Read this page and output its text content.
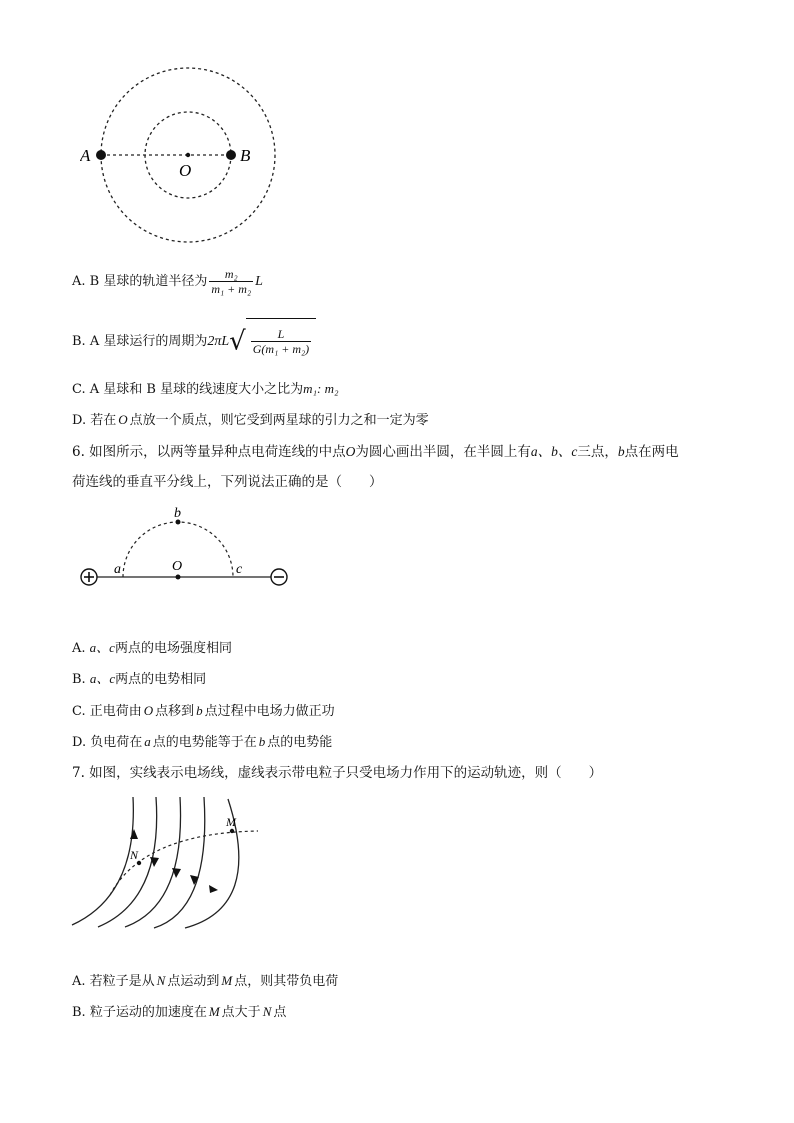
A	B
O
A. B 星球的轨道半径为 $\frac{\text{m₂}}{\text{m₁ + m₂}}$ L
B. A 星球运行的周期为$2\pi L√ \frac{L}{\text{G(m₁ + m₂)}}$
C. A 星球和 B 星球的线速度大小之比为m₁: m₂
D. 若在 O 点放一个质点，则它受到两星球的引力之和一定为零
6. 如图所示，以两等量异种点电荷连线的中点O为圆心画出半圆，在半圆上有a、b、c三点，b点在两电
荷连线的垂直平分线上，下列说法正确的是（　　）
a
b
c
O
A. a、c两点的电场强度相同
B. a、c两点的电势相同
C. 正电荷由 O 点移到 b 点过程中电场力做正功
D. 负电荷在 a 点的电势能等于在 b 点的电势能
7. 如图，实线表示电场线，虚线表示带电粒子只受电场力作用下的运动轨迹，则（　　）
N
M
A. 若粒子是从 N 点运动到 M 点，则其带负电荷
B. 粒子运动的加速度在 M 点大于 N 点
